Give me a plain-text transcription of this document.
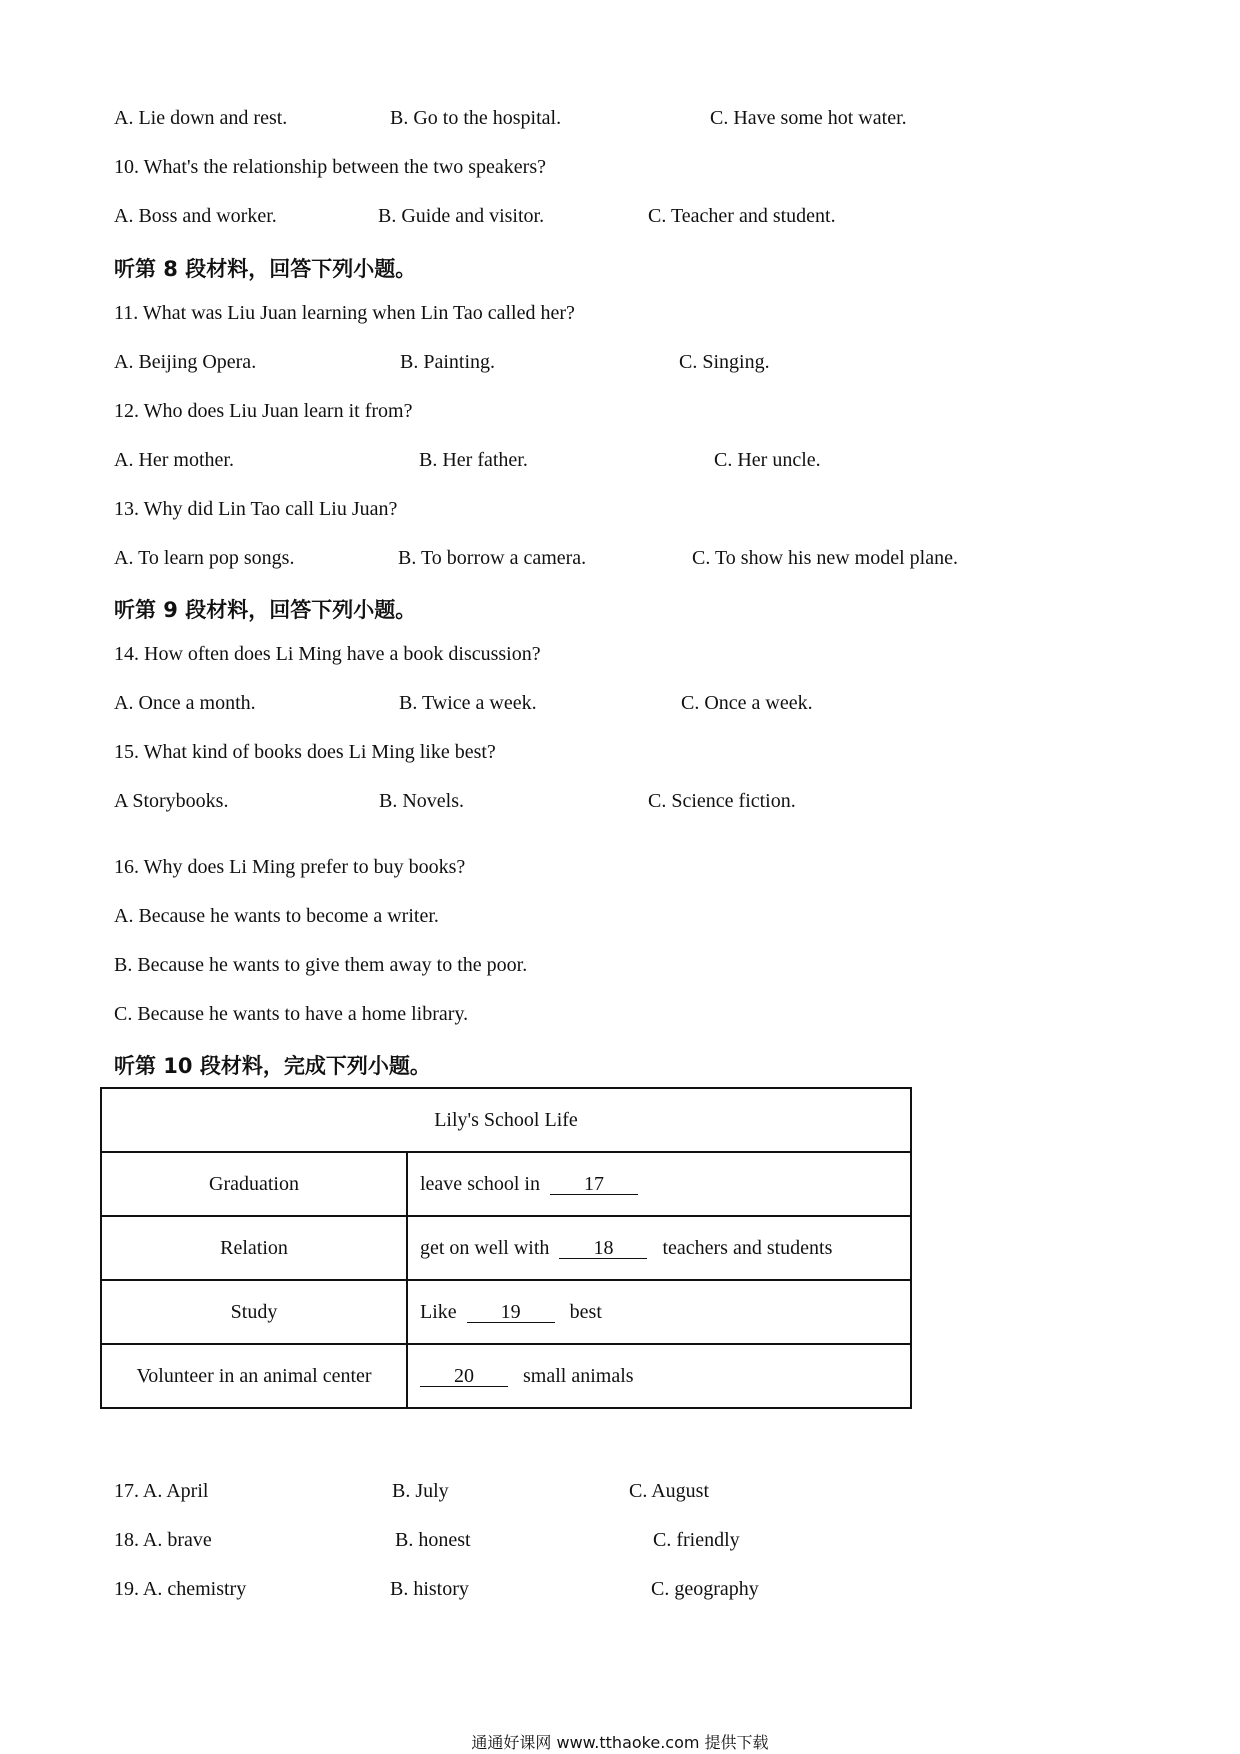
A. Lie down and rest.	B. Go to the hospital.	C. Have some hot water.
10. What's the relationship between the two speakers?
A. Boss and worker.	B. Guide and visitor.	C. Teacher and student.
听第 8 段材料，回答下列小题。
11. What was Liu Juan learning when Lin Tao called her?
A. Beijing Opera.	B. Painting.	C. Singing.
12. Who does Liu Juan learn it from?
A. Her mother.	B. Her father.	C. Her uncle.
13. Why did Lin Tao call Liu Juan?
A. To learn pop songs.	B. To borrow a camera.	C. To show his new model plane.
听第 9 段材料，回答下列小题。
14. How often does Li Ming have a book discussion?
A. Once a month.	B. Twice a week.	C. Once a week.
15. What kind of books does Li Ming like best?
A Storybooks.	B. Novels.	C. Science fiction.
16. Why does Li Ming prefer to buy books?
A. Because he wants to become a writer.
B. Because he wants to give them away to the poor.
C. Because he wants to have a home library.
听第 10 段材料，完成下列小题。
Lily's School Life	
Graduation	leave school in 17
Relation	get on well with 18 teachers and students
Study	Like 19 best
Volunteer in an animal center	20 small animals
17. A. April	B. July	C. August
18. A. brave	B. honest	C. friendly
19. A. chemistry	B. history	C. geography
通通好课网 www.tthaoke.com 提供下载
